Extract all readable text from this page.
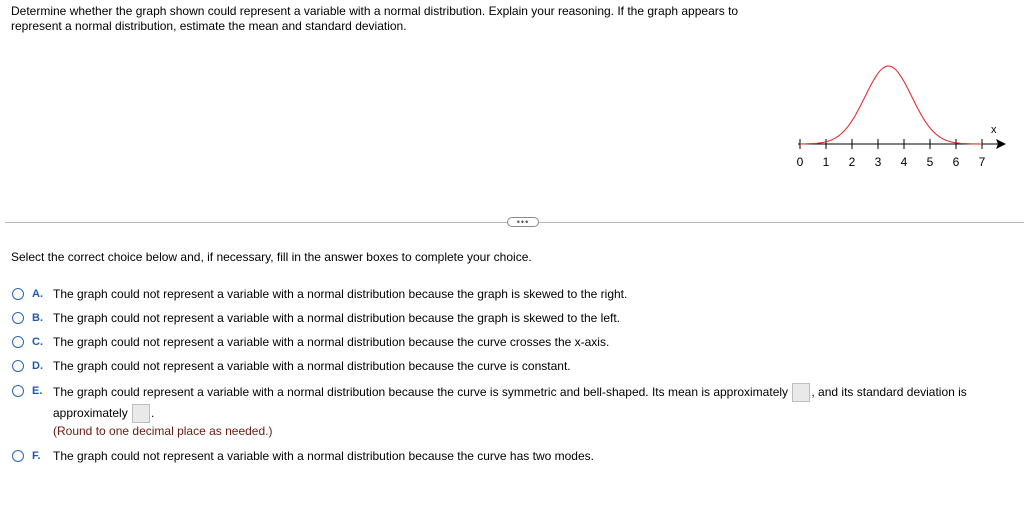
Determine whether the graph shown could represent a variable with a normal distribution. Explain your reasoning. If the graph appears to represent a normal distribution, estimate the mean and standard deviation.
x
0 1 2 3 4 5 6 7
•••
Select the correct choice below and, if necessary, fill in the answer boxes to complete your choice.
A. The graph could not represent a variable with a normal distribution because the graph is skewed to the right.
B. The graph could not represent a variable with a normal distribution because the graph is skewed to the left.
C. The graph could not represent a variable with a normal distribution because the curve crosses the x-axis.
D. The graph could not represent a variable with a normal distribution because the curve is constant.
E. The graph could represent a variable with a normal distribution because the curve is symmetric and bell-shaped. Its mean is approximately , and its standard deviation is approximately .
(Round to one decimal place as needed.)
F. The graph could not represent a variable with a normal distribution because the curve has two modes.
